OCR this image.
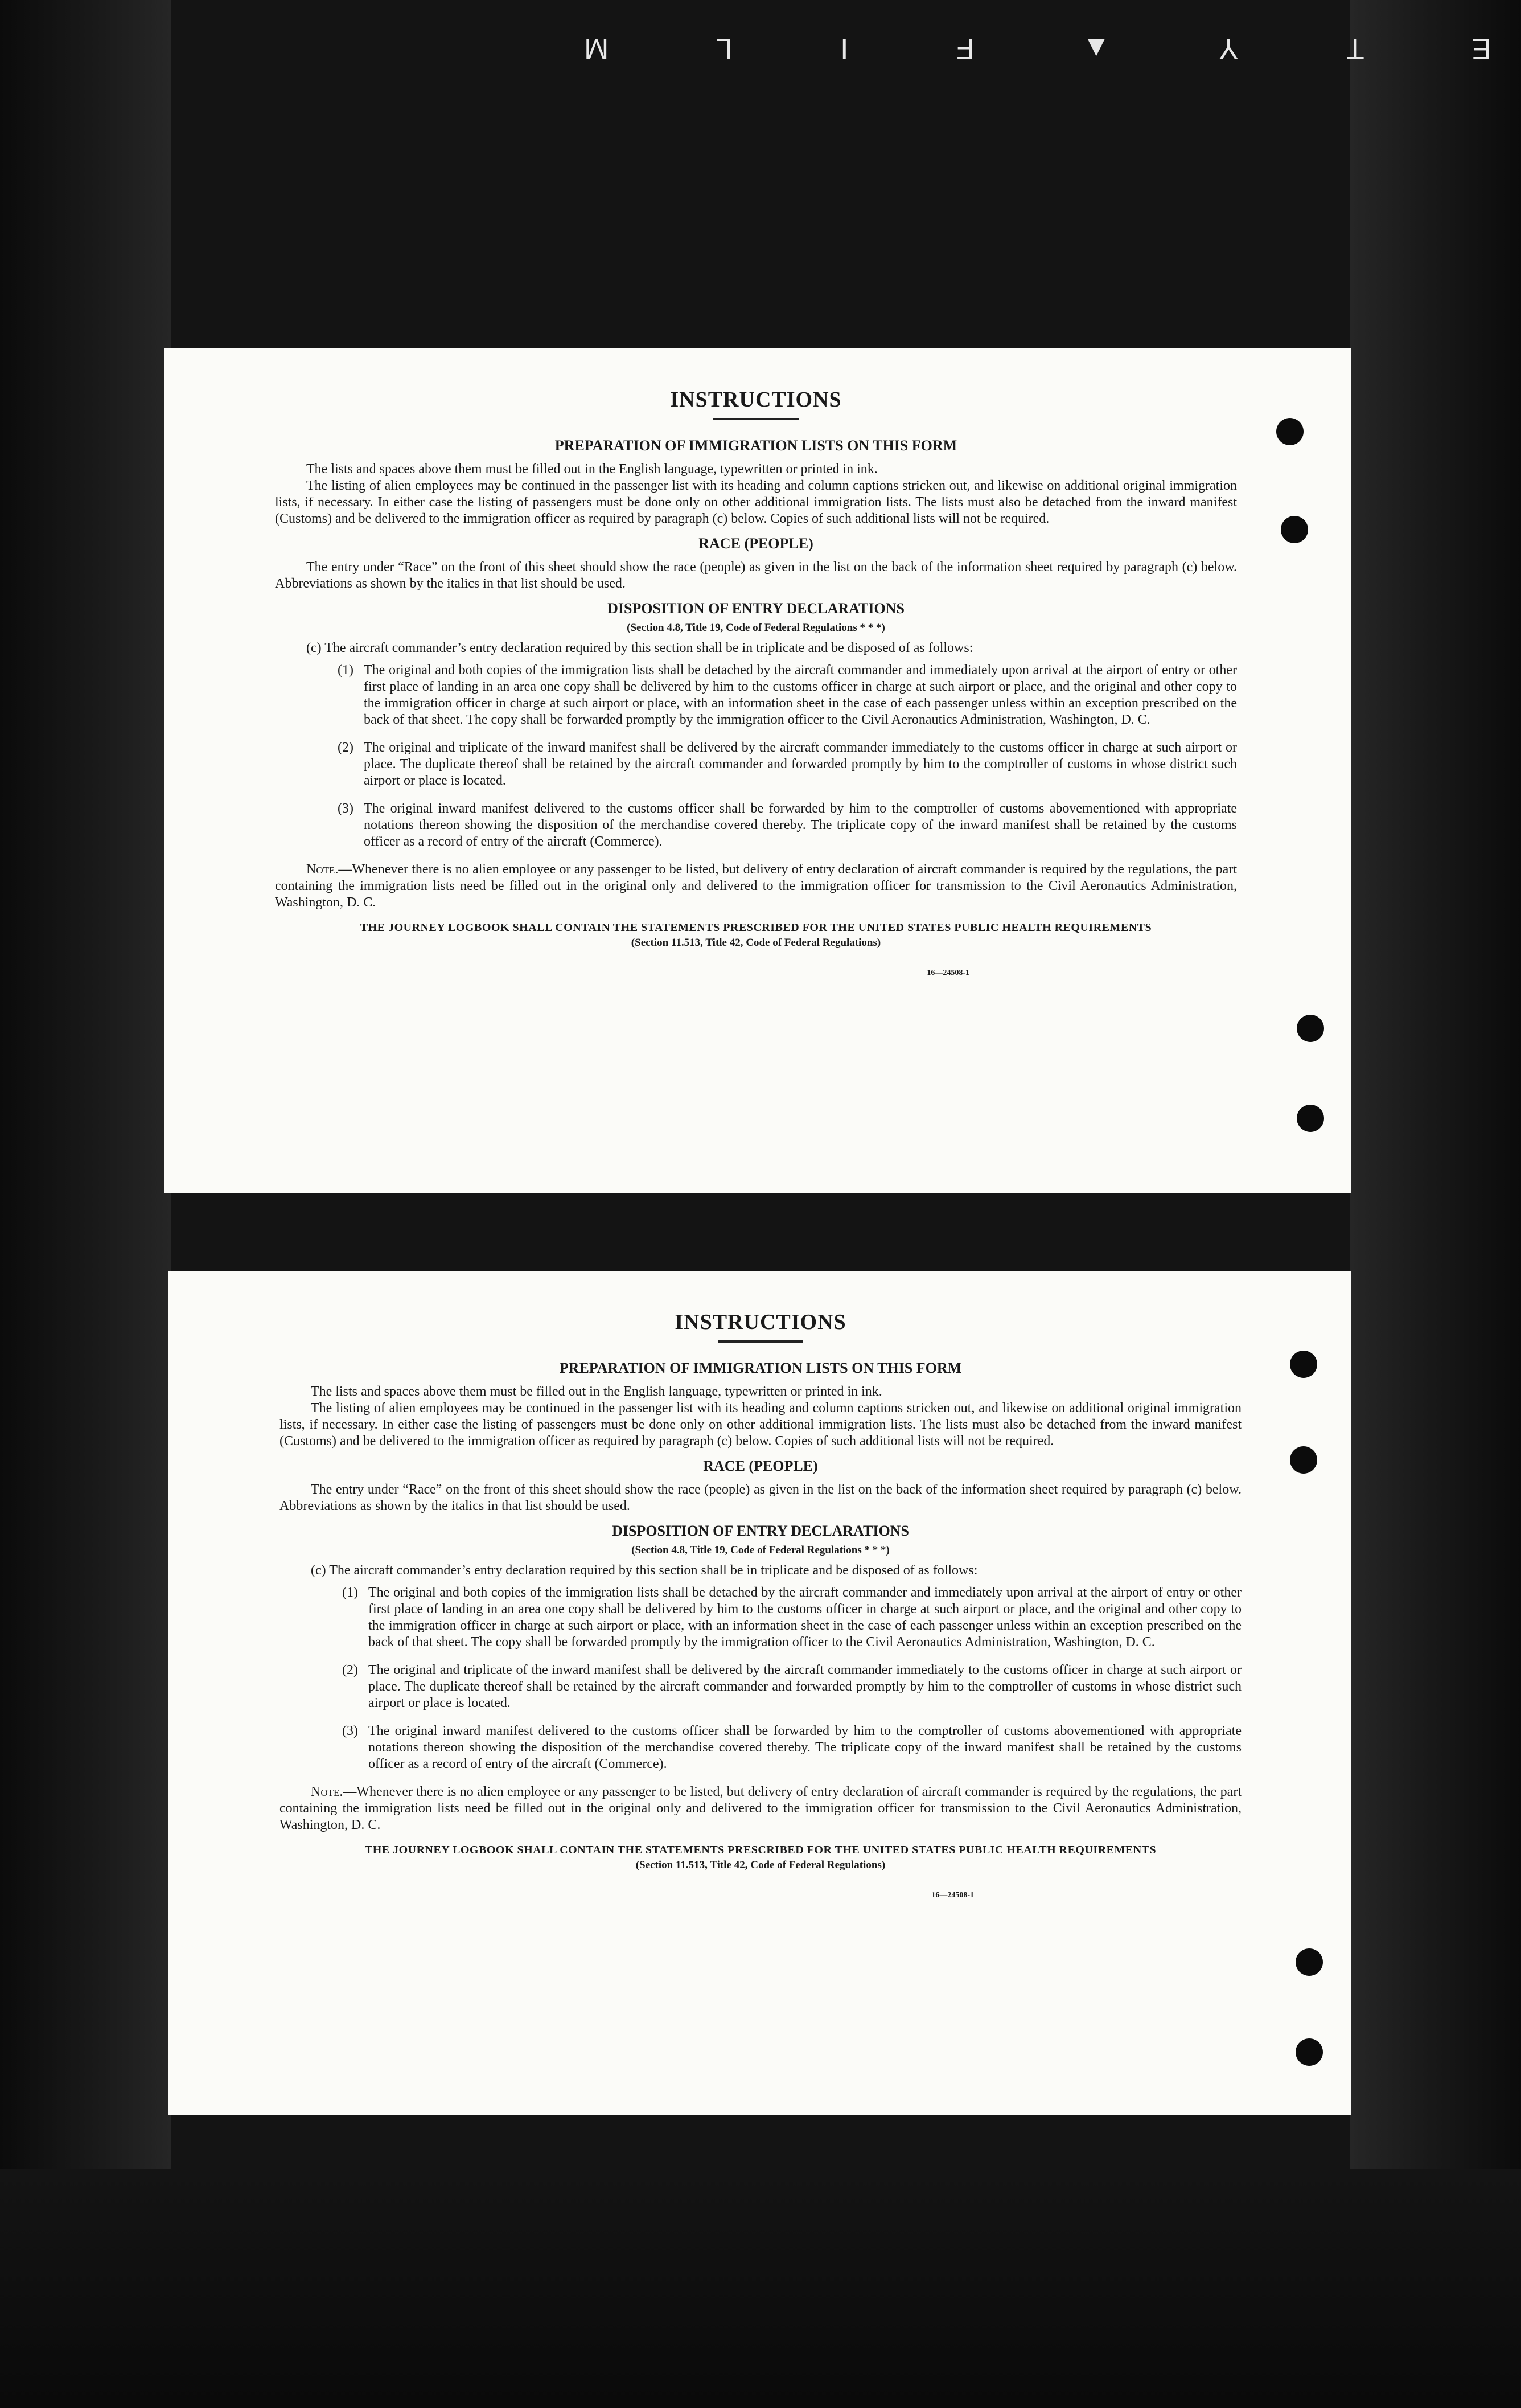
M	L	I	F	▲	Y	T	E
INSTRUCTIONS
PREPARATION OF IMMIGRATION LISTS ON THIS FORM

The lists and spaces above them must be filled out in the English language, typewritten or printed in ink.

The listing of alien employees may be continued in the passenger list with its heading and column captions stricken out, and likewise on additional original immigration lists, if necessary. In either case the listing of passengers must be done only on other additional immigration lists. The lists must also be detached from the inward manifest (Customs) and be delivered to the immigration officer as required by paragraph (c) below. Copies of such additional lists will not be required.

RACE (PEOPLE)

The entry under “Race” on the front of this sheet should show the race (people) as given in the list on the back of the information sheet required by paragraph (c) below. Abbreviations as shown by the italics in that list should be used.

DISPOSITION OF ENTRY DECLARATIONS
(Section 4.8, Title 19, Code of Federal Regulations * * *)

(c) The aircraft commander’s entry declaration required by this section shall be in triplicate and be disposed of as follows:

(1) The original and both copies of the immigration lists shall be detached by the aircraft commander and immediately upon arrival at the airport of entry or other first place of landing in an area one copy shall be delivered by him to the customs officer in charge at such airport or place, and the original and other copy to the immigration officer in charge at such airport or place, with an information sheet in the case of each passenger unless within an exception prescribed on the back of that sheet. The copy shall be forwarded promptly by the immigration officer to the Civil Aeronautics Administration, Washington, D. C.
(2) The original and triplicate of the inward manifest shall be delivered by the aircraft commander immediately to the customs officer in charge at such airport or place. The duplicate thereof shall be retained by the aircraft commander and forwarded promptly by him to the comptroller of customs in whose district such airport or place is located.
(3) The original inward manifest delivered to the customs officer shall be forwarded by him to the comptroller of customs abovementioned with appropriate notations thereon showing the disposition of the merchandise covered thereby. The triplicate copy of the inward manifest shall be retained by the customs officer as a record of entry of the aircraft (Commerce).

Note.—Whenever there is no alien employee or any passenger to be listed, but delivery of entry declaration of aircraft commander is required by the regulations, the part containing the immigration lists need be filled out in the original only and delivered to the immigration officer for transmission to the Civil Aeronautics Administration, Washington, D. C.

THE JOURNEY LOGBOOK SHALL CONTAIN THE STATEMENTS PRESCRIBED FOR THE UNITED STATES PUBLIC HEALTH REQUIREMENTS
(Section 11.513, Title 42, Code of Federal Regulations)
16—24508-1
INSTRUCTIONS
PREPARATION OF IMMIGRATION LISTS ON THIS FORM

The lists and spaces above them must be filled out in the English language, typewritten or printed in ink.

The listing of alien employees may be continued in the passenger list with its heading and column captions stricken out, and likewise on additional original immigration lists, if necessary. In either case the listing of passengers must be done only on other additional immigration lists. The lists must also be detached from the inward manifest (Customs) and be delivered to the immigration officer as required by paragraph (c) below. Copies of such additional lists will not be required.

RACE (PEOPLE)

The entry under “Race” on the front of this sheet should show the race (people) as given in the list on the back of the information sheet required by paragraph (c) below. Abbreviations as shown by the italics in that list should be used.

DISPOSITION OF ENTRY DECLARATIONS
(Section 4.8, Title 19, Code of Federal Regulations * * *)

(c) The aircraft commander’s entry declaration required by this section shall be in triplicate and be disposed of as follows:

(1) The original and both copies of the immigration lists shall be detached by the aircraft commander and immediately upon arrival at the airport of entry or other first place of landing in an area one copy shall be delivered by him to the customs officer in charge at such airport or place, and the original and other copy to the immigration officer in charge at such airport or place, with an information sheet in the case of each passenger unless within an exception prescribed on the back of that sheet. The copy shall be forwarded promptly by the immigration officer to the Civil Aeronautics Administration, Washington, D. C.
(2) The original and triplicate of the inward manifest shall be delivered by the aircraft commander immediately to the customs officer in charge at such airport or place. The duplicate thereof shall be retained by the aircraft commander and forwarded promptly by him to the comptroller of customs in whose district such airport or place is located.
(3) The original inward manifest delivered to the customs officer shall be forwarded by him to the comptroller of customs abovementioned with appropriate notations thereon showing the disposition of the merchandise covered thereby. The triplicate copy of the inward manifest shall be retained by the customs officer as a record of entry of the aircraft (Commerce).

Note.—Whenever there is no alien employee or any passenger to be listed, but delivery of entry declaration of aircraft commander is required by the regulations, the part containing the immigration lists need be filled out in the original only and delivered to the immigration officer for transmission to the Civil Aeronautics Administration, Washington, D. C.

THE JOURNEY LOGBOOK SHALL CONTAIN THE STATEMENTS PRESCRIBED FOR THE UNITED STATES PUBLIC HEALTH REQUIREMENTS
(Section 11.513, Title 42, Code of Federal Regulations)
16—24508-1
